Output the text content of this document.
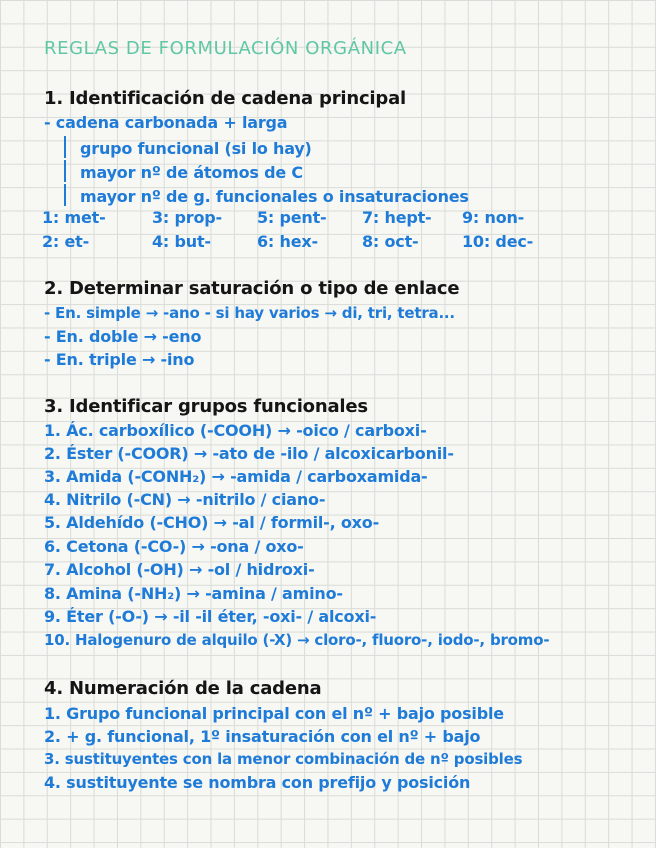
REGLAS DE FORMULACIÓN ORGÁNICA
1. Identificación de cadena principal
- cadena carbonada + larga
grupo funcional (si lo hay)
mayor nº de átomos de C
mayor nº de g. funcionales o insaturaciones
1: met-	3: prop- 5: pent- 7: hept- 9: non-
2: et-	4: but-	6: hex-	8: oct-	10: dec-
2. Determinar saturación o tipo de enlace
- En. simple → -ano - si hay varios → di, tri, tetra...
- En. doble → -eno
- En. triple → -ino
3. Identificar grupos funcionales
1. Ác. carboxílico (-COOH) → -oico / carboxi-
2. Éster (-COOR) → -ato de -ilo / alcoxicarbonil-
3. Amida (-CONH₂) → -amida / carboxamida-
4. Nitrilo (-CN) → -nitrilo / ciano-
5. Aldehído (-CHO) → -al / formil-, oxo-
6. Cetona (-CO-) → -ona / oxo-
7. Alcohol (-OH) → -ol / hidroxi-
8. Amina (-NH₂) → -amina / amino-
9. Éter (-O-) → -il -il éter, -oxi- / alcoxi-
10. Halogenuro de alquilo (-X) → cloro-, fluoro-, iodo-, bromo-
4. Numeración de la cadena
1. Grupo funcional principal con el nº + bajo posible
2. + g. funcional, 1º insaturación con el nº + bajo
3. sustituyentes con la menor combinación de nº posibles
4. sustituyente se nombra con prefijo y posición
